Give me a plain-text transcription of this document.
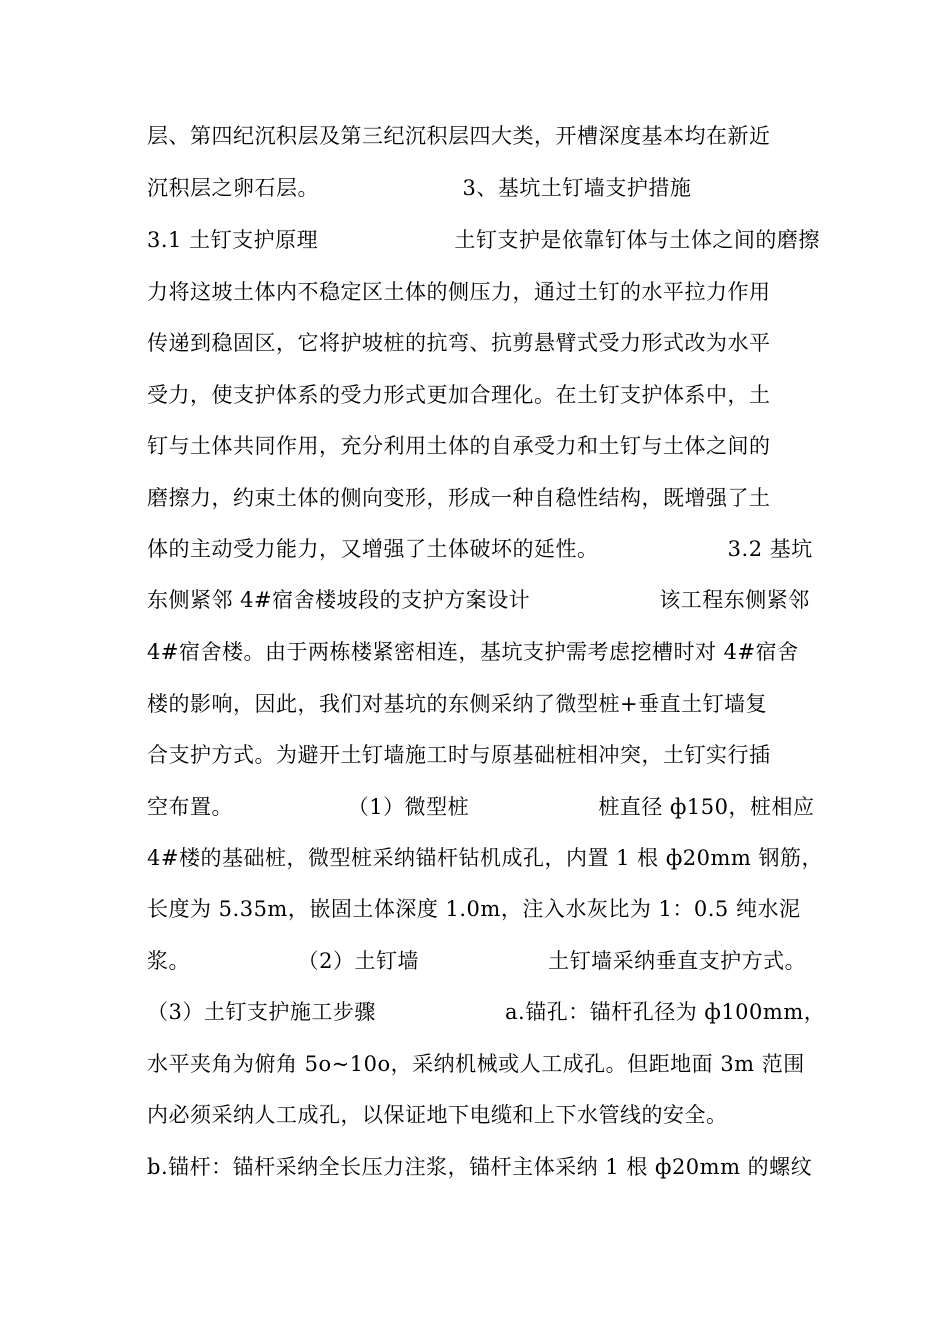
层、第四纪沉积层及第三纪沉积层四大类，开槽深度基本均在新近
沉积层之卵石层。                    3、基坑土钉墙支护措施
3.1 土钉支护原理                   土钉支护是依靠钉体与土体之间的磨擦
力将这坡土体内不稳定区土体的侧压力，通过土钉的水平拉力作用
传递到稳固区，它将护坡桩的抗弯、抗剪悬臂式受力形式改为水平
受力，使支护体系的受力形式更加合理化。在土钉支护体系中，土
钉与土体共同作用，充分利用土体的自承受力和土钉与土体之间的
磨擦力，约束土体的侧向变形，形成一种自稳性结构，既增强了土
体的主动受力能力，又增强了土体破坏的延性。                  3.2 基坑
东侧紧邻 4#宿舍楼坡段的支护方案设计                  该工程东侧紧邻
4#宿舍楼。由于两栋楼紧密相连，基坑支护需考虑挖槽时对 4#宿舍
楼的影响，因此，我们对基坑的东侧采纳了微型桩+垂直土钉墙复
合支护方式。为避开土钉墙施工时与原基础桩相冲突，土钉实行插
空布置。                （1）微型桩                  桩直径 ф150，桩相应
4#楼的基础桩，微型桩采纳锚杆钻机成孔，内置 1 根 ф20mm 钢筋，
长度为 5.35m，嵌固土体深度 1.0m，注入水灰比为 1：0.5 纯水泥
浆。               （2）土钉墙                  土钉墙采纳垂直支护方式。
（3）土钉支护施工步骤                  a.锚孔：锚杆孔径为 ф100mm，
水平夹角为俯角 5o~10o，采纳机械或人工成孔。但距地面 3m 范围
内必须采纳人工成孔，以保证地下电缆和上下水管线的安全。
b.锚杆：锚杆采纳全长压力注浆，锚杆主体采纳 1 根 ф20mm 的螺纹
